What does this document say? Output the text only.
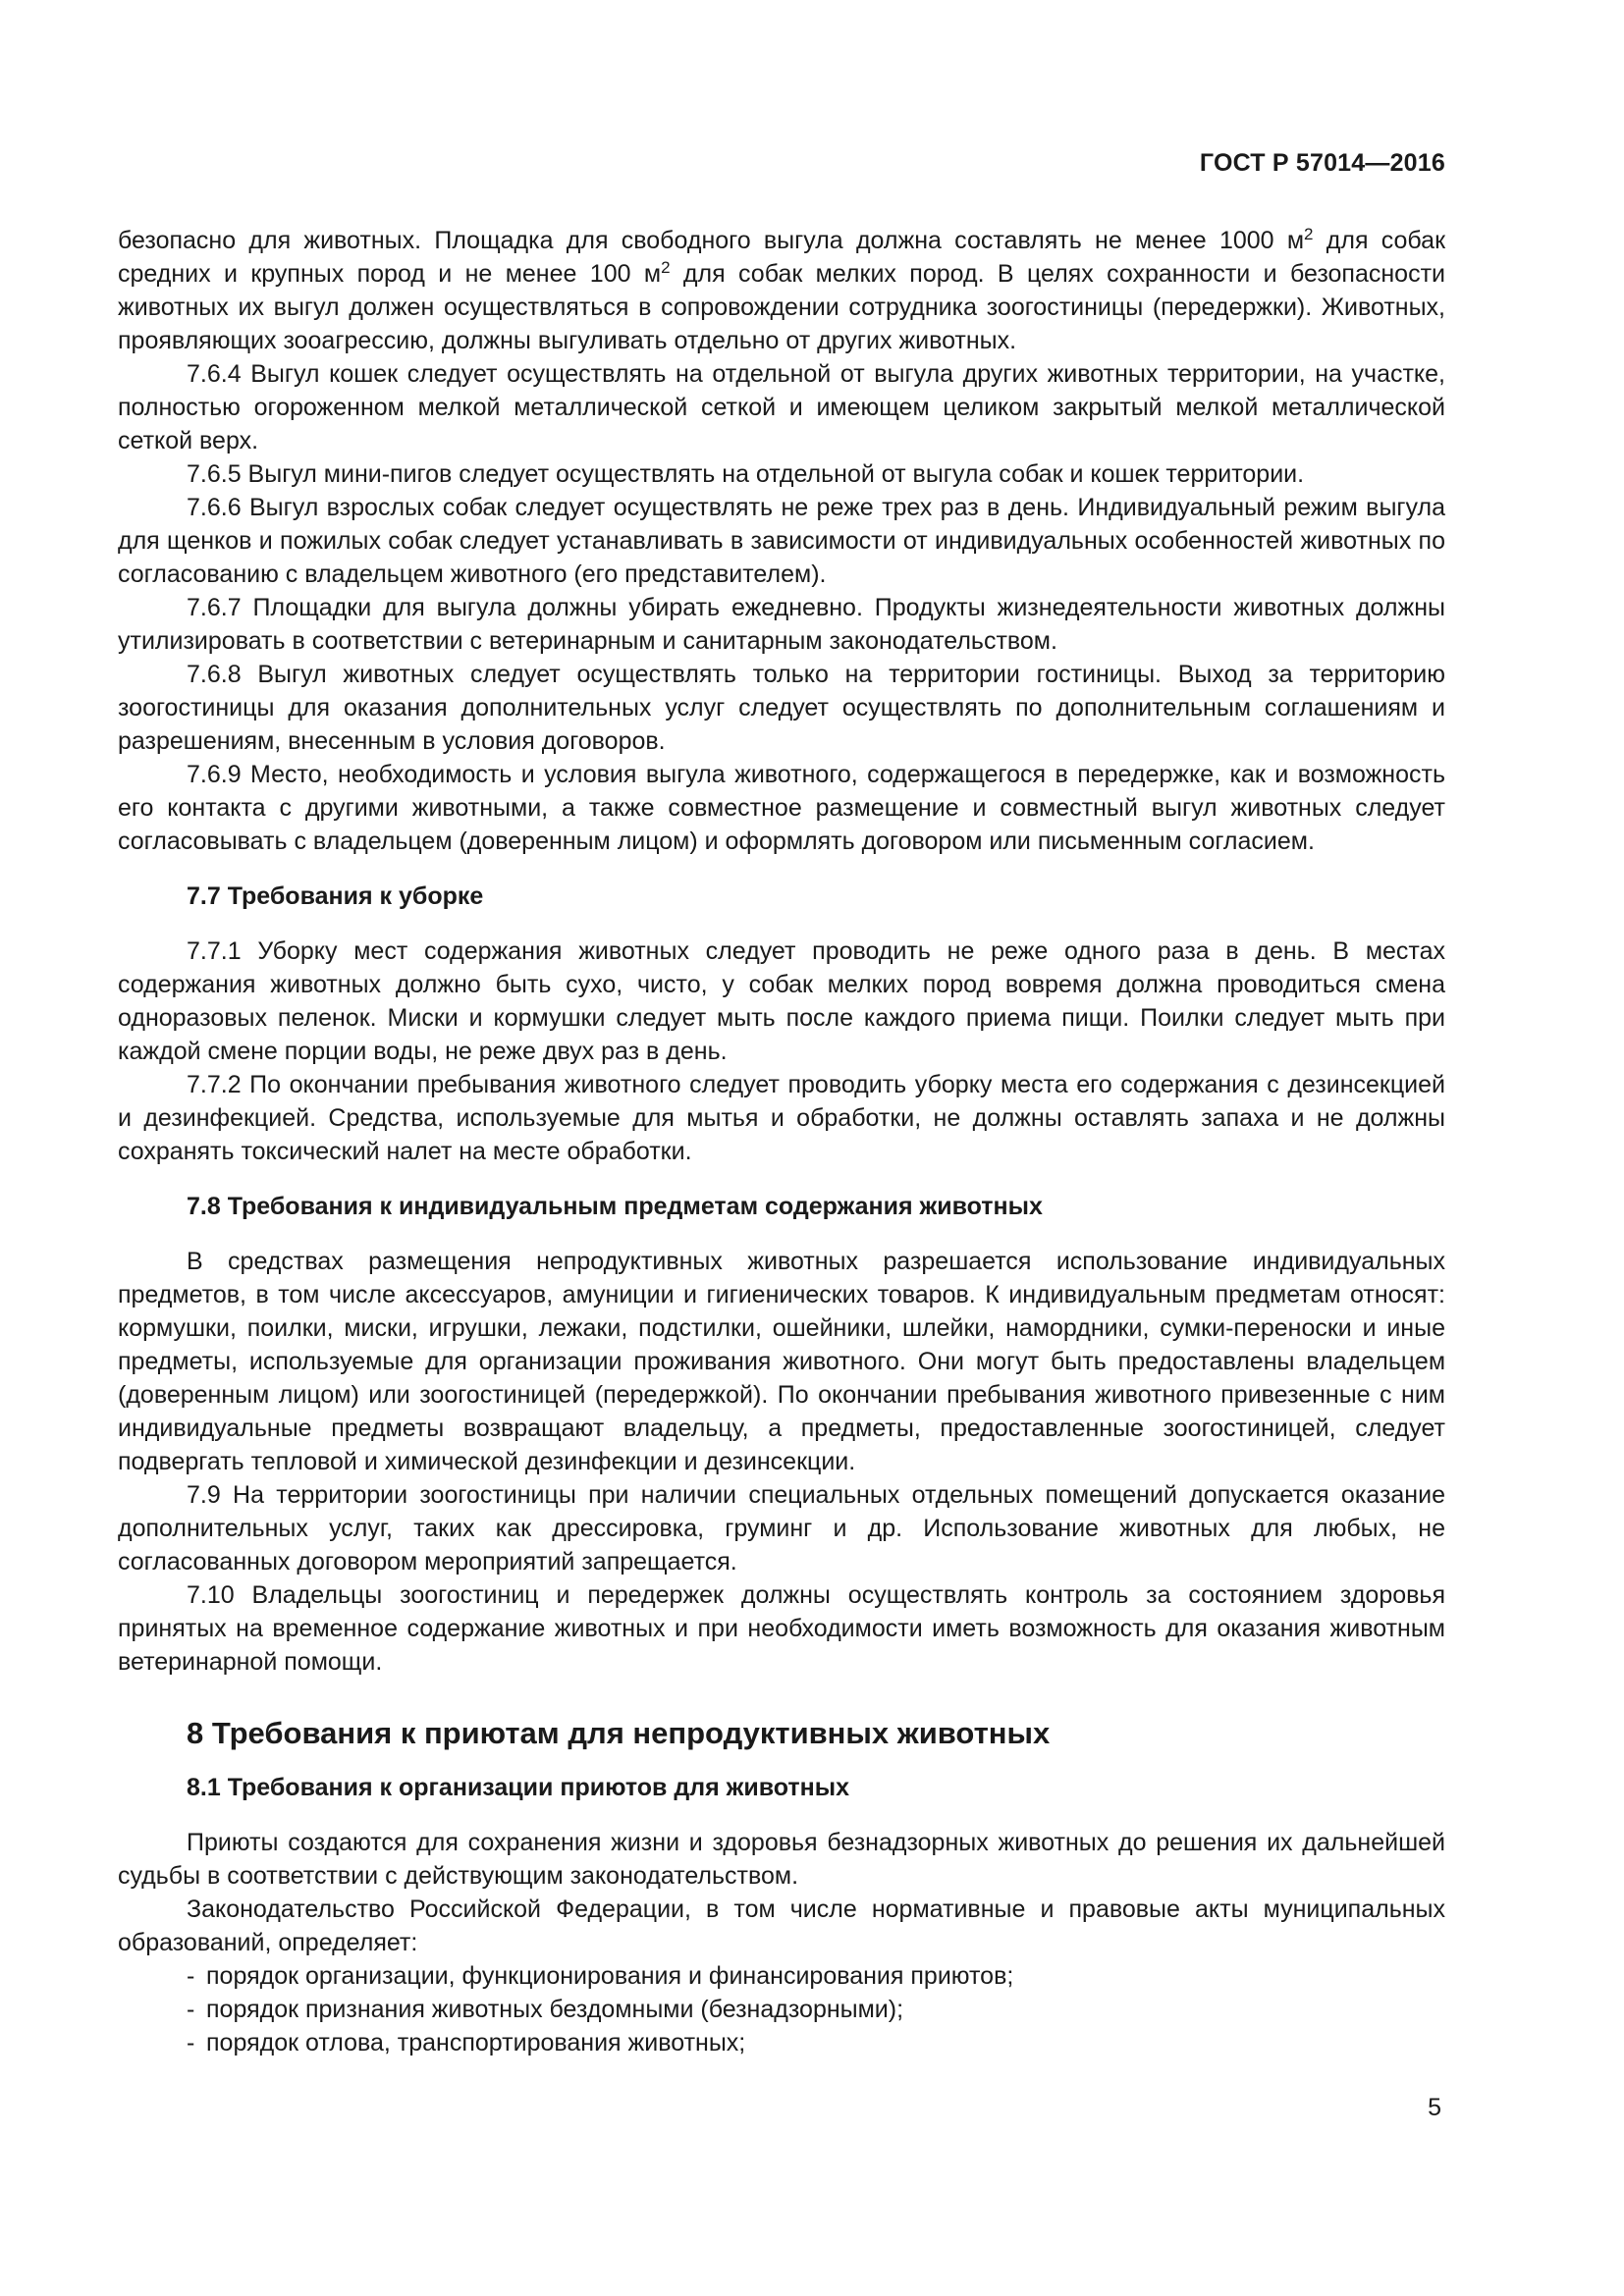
ГОСТ Р 57014—2016

безопасно для животных. Площадка для свободного выгула должна составлять не менее 1000 $м^2$ для собак средних и крупных пород и не менее 100 $м^2$ для собак мелких пород. В целях сохранности и безопасности животных их выгул должен осуществляться в сопровождении сотрудника зоогостиницы (передержки). Животных, проявляющих зооагрессию, должны выгуливать отдельно от других животных.

7.6.4 Выгул кошек следует осуществлять на отдельной от выгула других животных территории, на участке, полностью огороженном мелкой металлической сеткой и имеющем целиком закрытый мелкой металлической сеткой верх.

7.6.5 Выгул мини-пигов следует осуществлять на отдельной от выгула собак и кошек территории.

7.6.6 Выгул взрослых собак следует осуществлять не реже трех раз в день. Индивидуальный режим выгула для щенков и пожилых собак следует устанавливать в зависимости от индивидуальных особенностей животных по согласованию с владельцем животного (его представителем).

7.6.7 Площадки для выгула должны убирать ежедневно. Продукты жизнедеятельности животных должны утилизировать в соответствии с ветеринарным и санитарным законодательством.

7.6.8 Выгул животных следует осуществлять только на территории гостиницы. Выход за территорию зоогостиницы для оказания дополнительных услуг следует осуществлять по дополнительным соглашениям и разрешениям, внесенным в условия договоров.

7.6.9 Место, необходимость и условия выгула животного, содержащегося в передержке, как и возможность его контакта с другими животными, а также совместное размещение и совместный выгул животных следует согласовывать с владельцем (доверенным лицом) и оформлять договором или письменным согласием.

7.7 Требования к уборке

7.7.1 Уборку мест содержания животных следует проводить не реже одного раза в день. В местах содержания животных должно быть сухо, чисто, у собак мелких пород вовремя должна проводиться смена одноразовых пеленок. Миски и кормушки следует мыть после каждого приема пищи. Поилки следует мыть при каждой смене порции воды, не реже двух раз в день.

7.7.2 По окончании пребывания животного следует проводить уборку места его содержания с дезинсекцией и дезинфекцией. Средства, используемые для мытья и обработки, не должны оставлять запаха и не должны сохранять токсический налет на месте обработки.

7.8 Требования к индивидуальным предметам содержания животных

В средствах размещения непродуктивных животных разрешается использование индивидуальных предметов, в том числе аксессуаров, амуниции и гигиенических товаров. К индивидуальным предметам относят: кормушки, поилки, миски, игрушки, лежаки, подстилки, ошейники, шлейки, намордники, сумки-переноски и иные предметы, используемые для организации проживания животного. Они могут быть предоставлены владельцем (доверенным лицом) или зоогостиницей (передержкой). По окончании пребывания животного привезенные с ним индивидуальные предметы возвращают владельцу, а предметы, предоставленные зоогостиницей, следует подвергать тепловой и химической дезинфекции и дезинсекции.

7.9 На территории зоогостиницы при наличии специальных отдельных помещений допускается оказание дополнительных услуг, таких как дрессировка, груминг и др. Использование животных для любых, не согласованных договором мероприятий запрещается.

7.10 Владельцы зоогостиниц и передержек должны осуществлять контроль за состоянием здоровья принятых на временное содержание животных и при необходимости иметь возможность для оказания животным ветеринарной помощи.

8 Требования к приютам для непродуктивных животных
8.1 Требования к организации приютов для животных

Приюты создаются для сохранения жизни и здоровья безнадзорных животных до решения их дальнейшей судьбы в соответствии с действующим законодательством.

Законодательство Российской Федерации, в том числе нормативные и правовые акты муниципальных образований, определяет:

- порядок организации, функционирования и финансирования приютов;
- порядок признания животных бездомными (безнадзорными);
- порядок отлова, транспортирования животных;
5
